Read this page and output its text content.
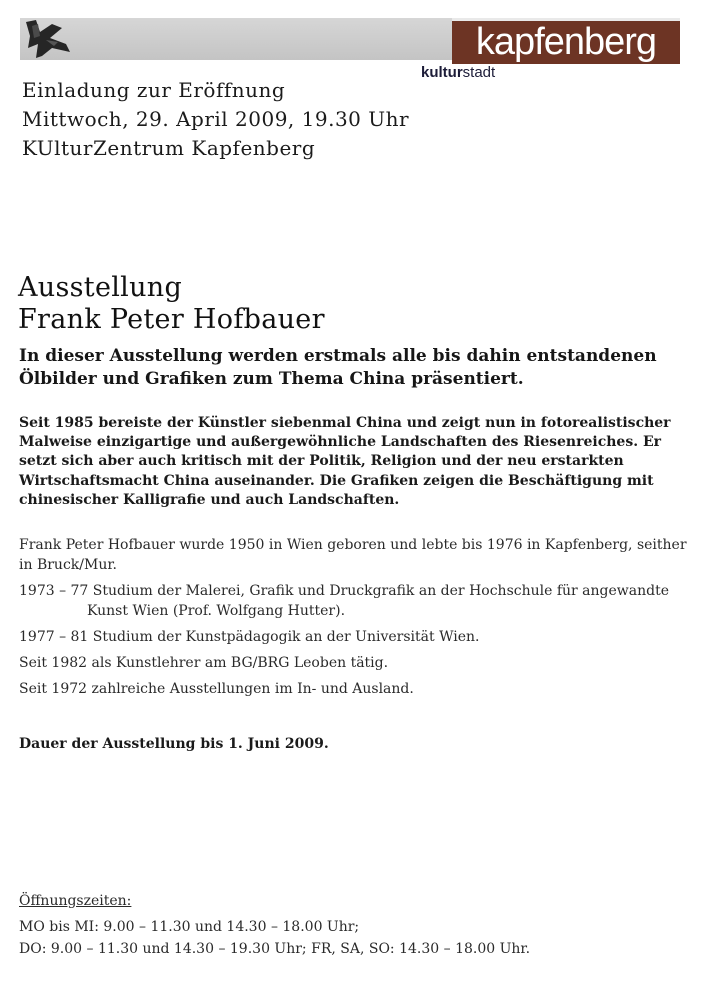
kapfenberg
kulturstadt
Einladung zur Eröffnung
Mittwoch, 29. April 2009, 19.30 Uhr
KUlturZentrum Kapfenberg
Ausstellung
Frank Peter Hofbauer
In dieser Ausstellung werden erstmals alle bis dahin entstandenen Ölbilder und Grafiken zum Thema China präsentiert.
Seit 1985 bereiste der Künstler siebenmal China und zeigt nun in fotorealistischer Malweise einzigartige und außergewöhnliche Landschaften des Riesenreiches. Er setzt sich aber auch kritisch mit der Politik, Religion und der neu erstarkten Wirtschaftsmacht China auseinander. Die Grafiken zeigen die Beschäftigung mit chinesischer Kalligrafie und auch Landschaften.

Frank Peter Hofbauer wurde 1950 in Wien geboren und lebte bis 1976 in Kapfenberg, seither in Bruck/Mur.

1973 – 77 Studium der Malerei, Grafik und Druckgrafik an der Hochschule für angewandte Kunst Wien (Prof. Wolfgang Hutter).

1977 – 81 Studium der Kunstpädagogik an der Universität Wien.

Seit 1982 als Kunstlehrer am BG/BRG Leoben tätig.

Seit 1972 zahlreiche Ausstellungen im In- und Ausland.

Dauer der Ausstellung bis 1. Juni 2009.
Öffnungszeiten:
MO bis MI: 9.00 – 11.30 und 14.30 – 18.00 Uhr;
DO: 9.00 – 11.30 und 14.30 – 19.30 Uhr; FR, SA, SO: 14.30 – 18.00 Uhr.
